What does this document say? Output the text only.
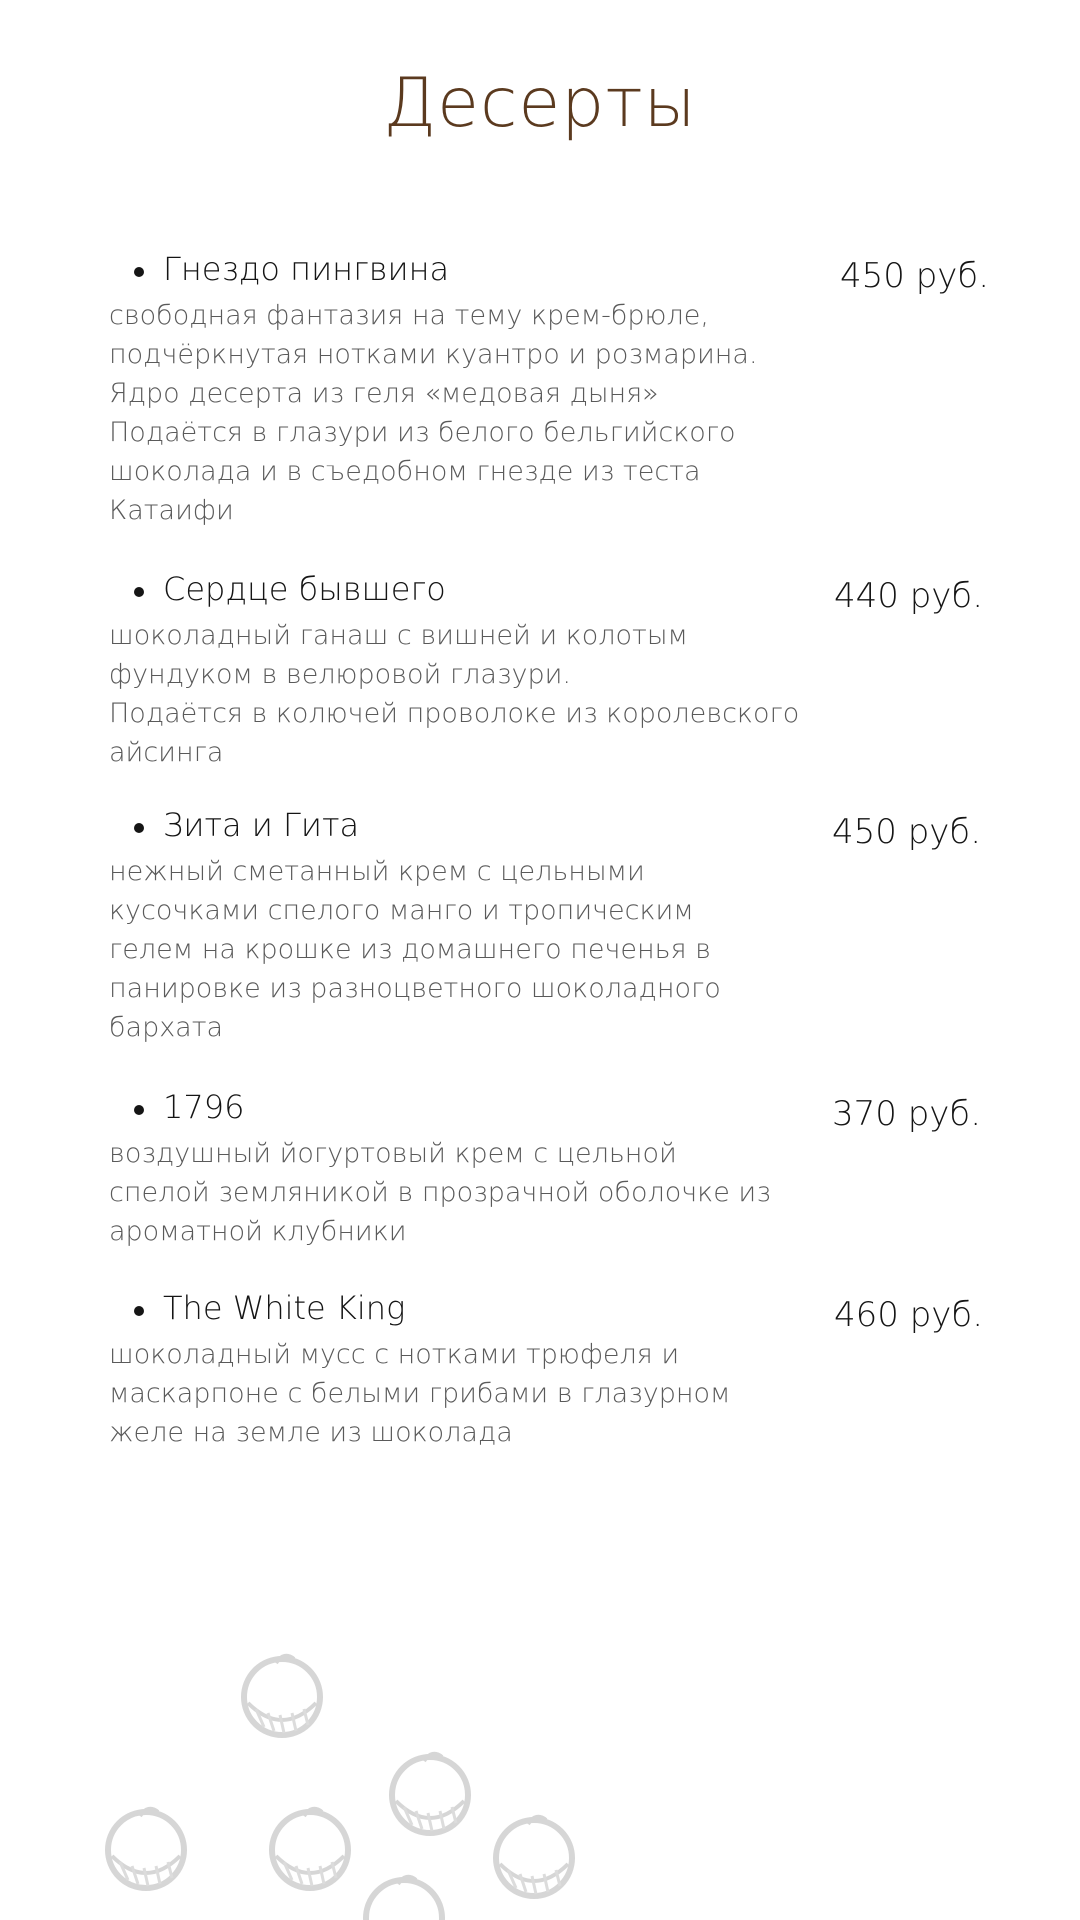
Десерты
Гнездо пингвина	450 руб.
свободная фантазия на тему крем-брюле,
подчёркнутая нотками куантро и розмарина.
Ядро десерта из геля «медовая дыня»
Подаётся в глазури из белого бельгийского
шоколада и в съедобном гнезде из теста
Катаифи
Сердце бывшего	440 руб.
шоколадный ганаш с вишней и колотым
фундуком в велюровой глазури.
Подаётся в колючей проволоке из королевского
айсинга
Зита и Гита	450 руб.
нежный сметанный крем с цельными
кусочками спелого манго и тропическим
гелем на крошке из домашнего печенья в
панировке из разноцветного шоколадного
бархата
1796	370 руб.
воздушный йогуртовый крем с цельной
спелой земляникой в прозрачной оболочке из
ароматной клубники
The White King	460 руб.
шоколадный мусс с нотками трюфеля и
маскарпоне с белыми грибами в глазурном
желе на земле из шоколада
